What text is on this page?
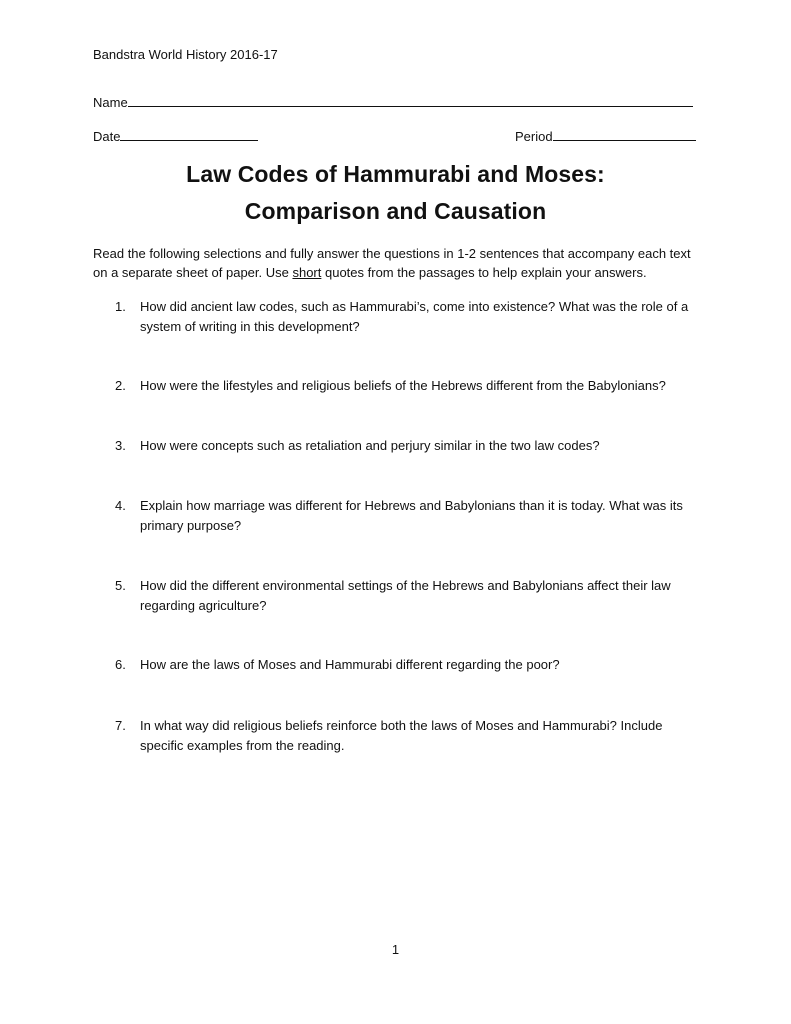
Bandstra World History 2016-17
Name
Date	Period
Law Codes of Hammurabi and Moses:
Comparison and Causation
Read the following selections and fully answer the questions in 1-2 sentences that accompany each text on a separate sheet of paper. Use short quotes from the passages to help explain your answers.
1.	How did ancient law codes, such as Hammurabi’s, come into existence? What was the role of a system of writing in this development?
2.	How were the lifestyles and religious beliefs of the Hebrews different from the Babylonians?
3.	How were concepts such as retaliation and perjury similar in the two law codes?
4.	Explain how marriage was different for Hebrews and Babylonians than it is today. What was its primary purpose?
5.	How did the different environmental settings of the Hebrews and Babylonians affect their law regarding agriculture?
6.	How are the laws of Moses and Hammurabi different regarding the poor?
7.	In what way did religious beliefs reinforce both the laws of Moses and Hammurabi? Include specific examples from the reading.
1
